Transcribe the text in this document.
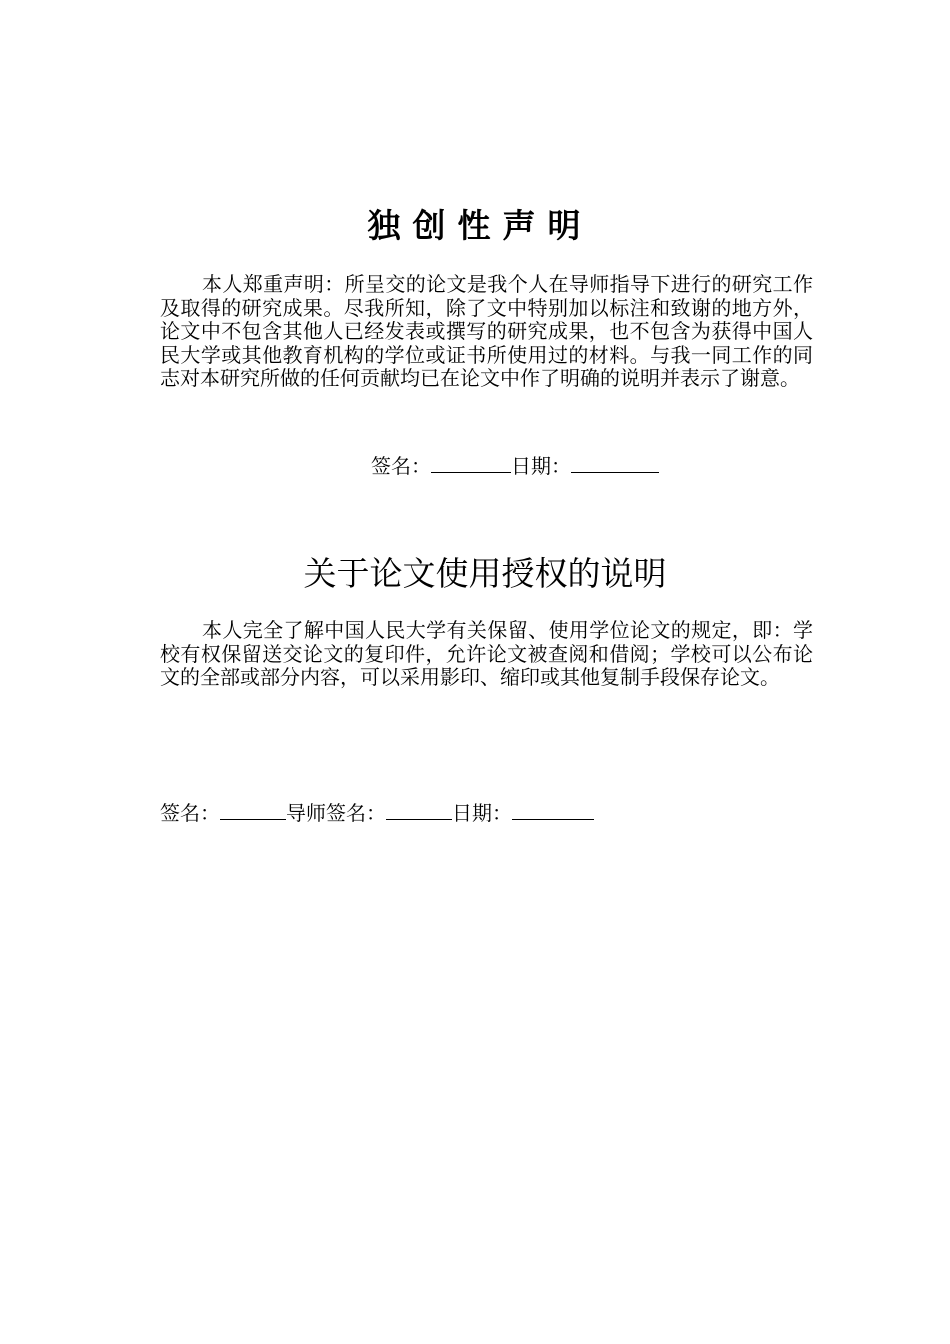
独创性声明

本人郑重声明：所呈交的论文是我个人在导师指导下进行的研究工作及取得的研究成果。尽我所知，除了文中特别加以标注和致谢的地方外，论文中不包含其他人已经发表或撰写的研究成果，也不包含为获得中国人民大学或其他教育机构的学位或证书所使用过的材料。与我一同工作的同志对本研究所做的任何贡献均已在论文中作了明确的说明并表示了谢意。

签名：	日期：
关于论文使用授权的说明

本人完全了解中国人民大学有关保留、使用学位论文的规定，即：学校有权保留送交论文的复印件，允许论文被查阅和借阅；学校可以公布论文的全部或部分内容，可以采用影印、缩印或其他复制手段保存论文。

签名：	导师签名：	日期：
